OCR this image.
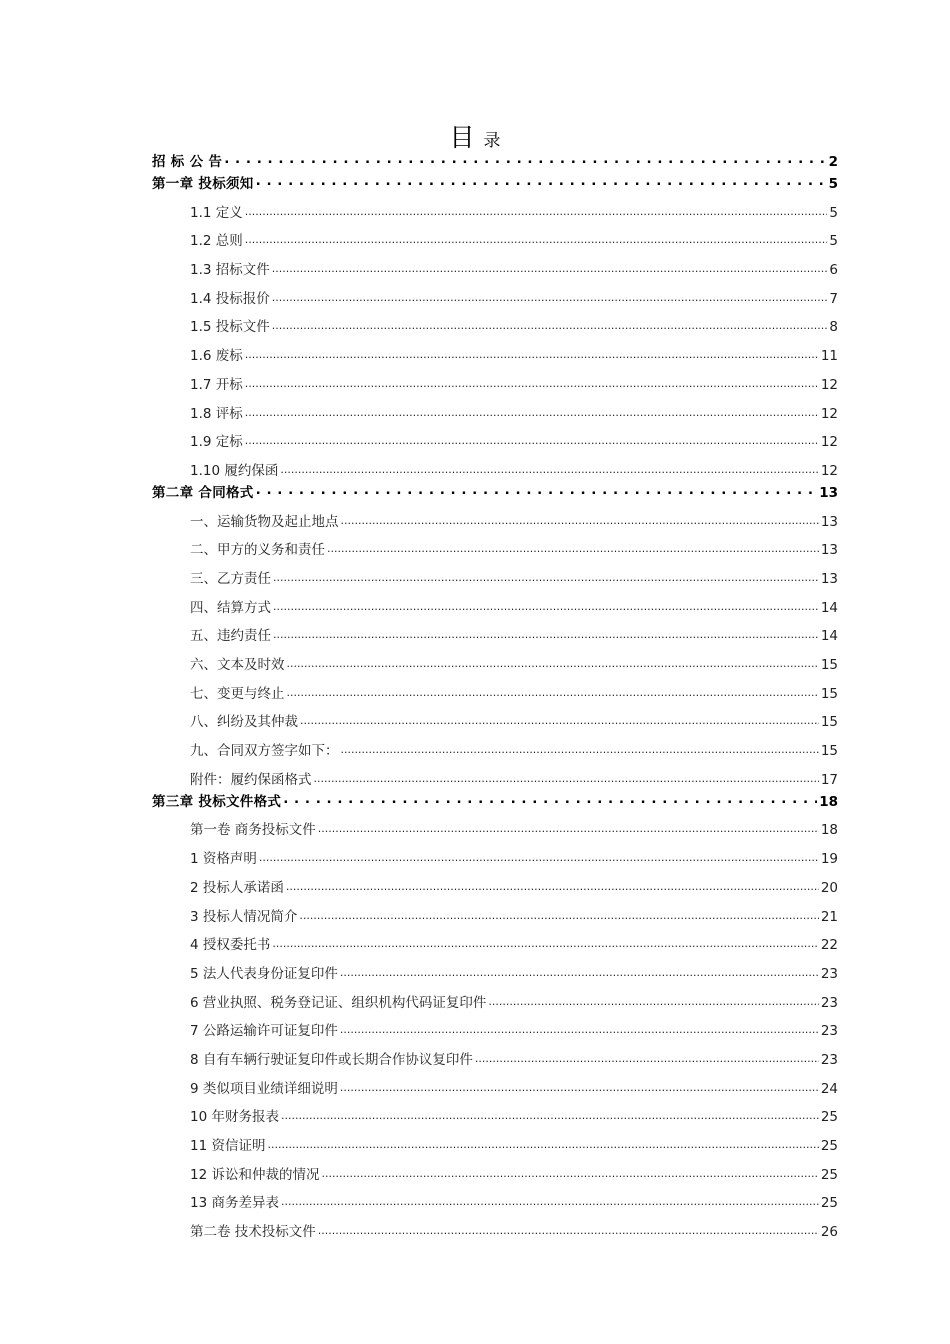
目 录
招 标 公 告 . . .	2
第一章 投标须知 . . .	5
1.1 定义 .....	5
1.2 总则 .....	5
1.3 招标文件 .....	6
1.4 投标报价 .....	7
1.5 投标文件 .....	8
1.6 废标 .....	11
1.7 开标 .....	12
1.8 评标 .....	12
1.9 定标 .....	12
1.10 履约保函 .....	12
第二章 合同格式 . . .	13
一、运输货物及起止地点 .....	13
二、甲方的义务和责任 .....	13
三、乙方责任 .....	13
四、结算方式 .....	14
五、违约责任 .....	14
六、文本及时效 .....	15
七、变更与终止 .....	15
八、纠纷及其仲裁 .....	15
九、合同双方签字如下： .....	15
附件：履约保函格式 .....	17
第三章 投标文件格式 . . .	18
第一卷 商务投标文件 .....	18
1 资格声明 .....	19
2 投标人承诺函 .....	20
3 投标人情况简介 .....	21
4 授权委托书 .....	22
5 法人代表身份证复印件 .....	23
6 营业执照、税务登记证、组织机构代码证复印件 .....	23
7 公路运输许可证复印件 .....	23
8 自有车辆行驶证复印件或长期合作协议复印件 .....	23
9 类似项目业绩详细说明 .....	24
10 年财务报表 .....	25
11 资信证明 .....	25
12 诉讼和仲裁的情况 .....	25
13 商务差异表 .....	25
第二卷 技术投标文件 .....	26
